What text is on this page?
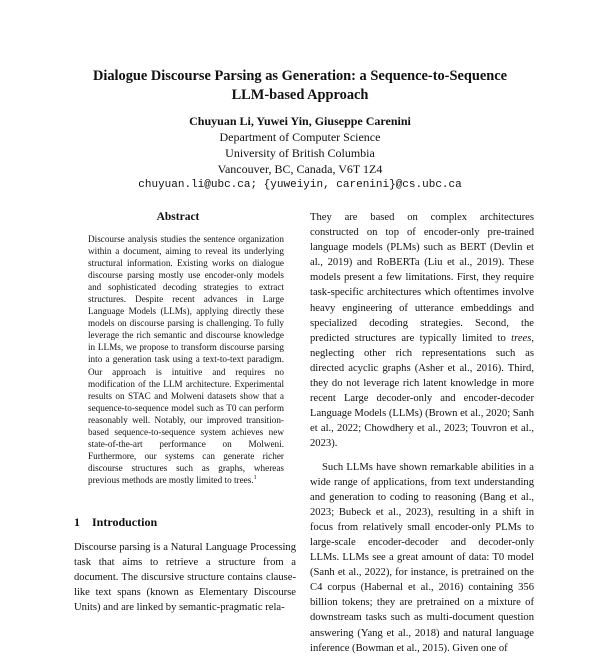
Dialogue Discourse Parsing as Generation: a Sequence-to-Sequence
LLM-based Approach
Chuyuan Li, Yuwei Yin, Giuseppe Carenini
Department of Computer Science
University of British Columbia
Vancouver, BC, Canada, V6T 1Z4
chuyuan.li@ubc.ca; {yuweiyin, carenini}@cs.ubc.ca
Abstract
Discourse analysis studies the sentence organization within a document, aiming to reveal its underlying structural information. Existing works on dialogue discourse parsing mostly use encoder-only models and sophisticated decoding strategies to extract structures. Despite recent advances in Large Language Models (LLMs), applying directly these models on discourse parsing is challenging. To fully leverage the rich semantic and discourse knowledge in LLMs, we propose to transform discourse parsing into a generation task using a text-to-text paradigm. Our approach is intuitive and requires no modification of the LLM architecture. Experimental results on STAC and Molweni datasets show that a sequence-to-sequence model such as T0 can perform reasonably well. Notably, our improved transition-based sequence-to-sequence system achieves new state-of-the-art performance on Molweni. Furthermore, our systems can generate richer discourse structures such as graphs, whereas previous methods are mostly limited to trees.$^1$
1 Introduction
Discourse parsing is a Natural Language Processing task that aims to retrieve a structure from a document. The discursive structure contains clause-like text spans (known as Elementary Discourse Units) and are linked by semantic-pragmatic rela-

They are based on complex architectures constructed on top of encoder-only pre-trained language models (PLMs) such as BERT (Devlin et al., 2019) and RoBERTa (Liu et al., 2019). These models present a few limitations. First, they require task-specific architectures which oftentimes involve heavy engineering of utterance embeddings and specialized decoding strategies. Second, the predicted structures are typically limited to trees, neglecting other rich representations such as directed acyclic graphs (Asher et al., 2016). Third, they do not leverage rich latent knowledge in more recent Large decoder-only and encoder-decoder Language Models (LLMs) (Brown et al., 2020; Sanh et al., 2022; Chowdhery et al., 2023; Touvron et al., 2023).

Such LLMs have shown remarkable abilities in a wide range of applications, from text understanding and generation to coding to reasoning (Bang et al., 2023; Bubeck et al., 2023), resulting in a shift in focus from relatively small encoder-only PLMs to large-scale encoder-decoder and decoder-only LLMs. LLMs see a great amount of data: T0 model (Sanh et al., 2022), for instance, is pretrained on the C4 corpus (Habernal et al., 2016) containing 356 billion tokens; they are pretrained on a mixture of downstream tasks such as multi-document question answering (Yang et al., 2018) and natural language inference (Bowman et al., 2015). Given one of
